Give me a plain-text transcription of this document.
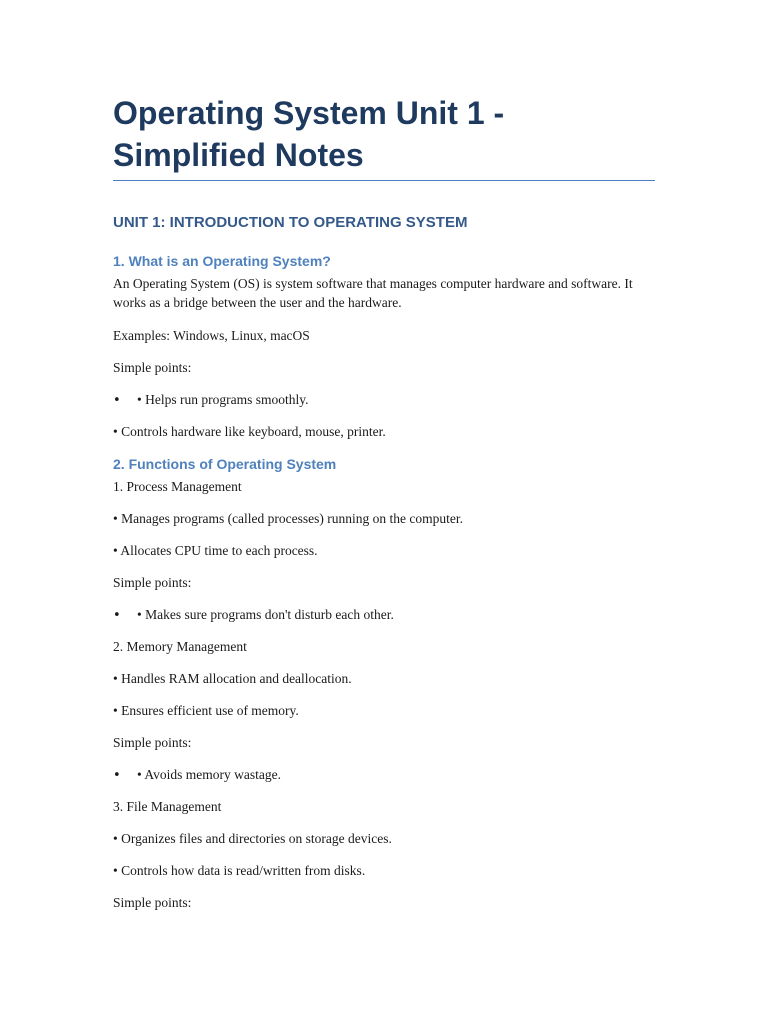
Operating System Unit 1 - Simplified Notes
UNIT 1: INTRODUCTION TO OPERATING SYSTEM
1. What is an Operating System?
An Operating System (OS) is system software that manages computer hardware and software. It works as a bridge between the user and the hardware.
Examples: Windows, Linux, macOS
Simple points:
• • Helps run programs smoothly.
• Controls hardware like keyboard, mouse, printer.
2. Functions of Operating System
1. Process Management
• Manages programs (called processes) running on the computer.
• Allocates CPU time to each process.
Simple points:
• • Makes sure programs don't disturb each other.
2. Memory Management
• Handles RAM allocation and deallocation.
• Ensures efficient use of memory.
Simple points:
• • Avoids memory wastage.
3. File Management
• Organizes files and directories on storage devices.
• Controls how data is read/written from disks.
Simple points:
